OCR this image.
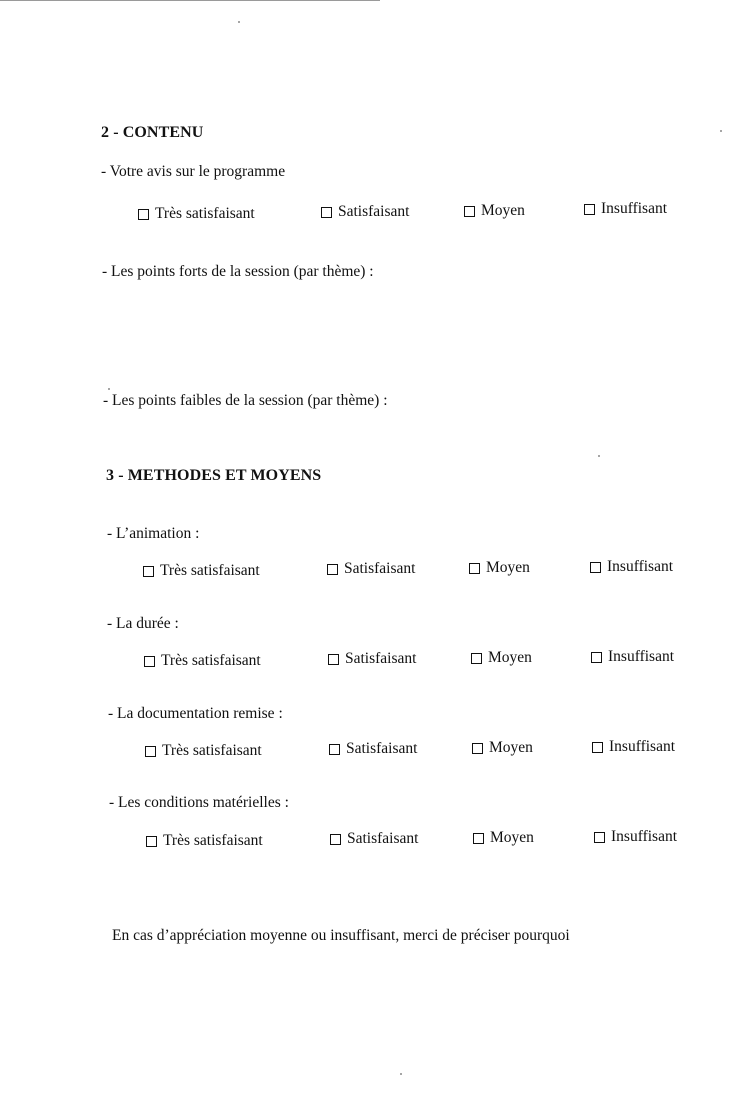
2 - CONTENU
- Votre avis sur le programme
Très satisfaisant	Satisfaisant	Moyen	Insuffisant
- Les points forts de la session (par thème) :
- Les points faibles de la session (par thème) :
3 - METHODES ET MOYENS
- L’animation :
Très satisfaisant	Satisfaisant	Moyen	Insuffisant
- La durée :
Très satisfaisant	Satisfaisant	Moyen	Insuffisant
- La documentation remise :
Très satisfaisant	Satisfaisant	Moyen	Insuffisant
- Les conditions matérielles :
Très satisfaisant	Satisfaisant	Moyen	Insuffisant
En cas d’appréciation moyenne ou insuffisant, merci de préciser pourquoi
